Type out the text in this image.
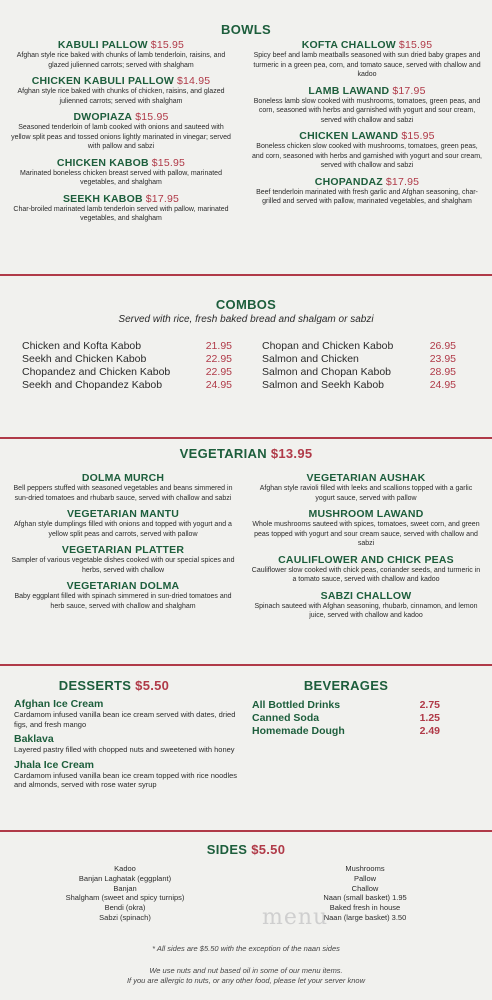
BOWLS
KABULI PALLOW $15.95
Afghan style rice baked with chunks of lamb tenderloin, raisins, and glazed julienned carrots; served with shalgham
CHICKEN KABULI PALLOW $14.95
Afghan style rice baked with chunks of chicken, raisins, and glazed julienned carrots; served with shalgham
DWOPIAZA $15.95
Seasoned tenderloin of lamb cooked with onions and sauteed with yellow split peas and tossed onions lightly marinated in vinegar; served with pallow and sabzi
CHICKEN KABOB $15.95
Marinated boneless chicken breast served with pallow, marinated vegetables, and shalgham
SEEKH KABOB $17.95
Char-broiled marinated lamb tenderloin served with pallow, marinated vegetables, and shalgham
KOFTA CHALLOW $15.95
Spicy beef and lamb meatballs seasoned with sun dried baby grapes and turmeric in a green pea, corn, and tomato sauce, served with challow and kadoo
LAMB LAWAND $17.95
Boneless lamb slow cooked with mushrooms, tomatoes, green peas, and corn, seasoned with herbs and garnished with yogurt and sour cream, served with challow and sabzi
CHICKEN LAWAND $15.95
Boneless chicken slow cooked with mushrooms, tomatoes, green peas, and corn, seasoned with herbs and garnished with yogurt and sour cream, served with challow and sabzi
CHOPANDAZ $17.95
Beef tenderloin marinated with fresh garlic and Afghan seasoning, char-grilled and served with pallow, marinated vegetables, and shalgham
COMBOS
Served with rice, fresh baked bread and shalgam or sabzi
Chicken and Kofta Kabob	21.95
Seekh and Chicken Kabob	22.95
Chopandez and Chicken Kabob	22.95
Seekh and Chopandez Kabob	24.95
Chopan and Chicken Kabob	26.95
Salmon and Chicken	23.95
Salmon and Chopan Kabob	28.95
Salmon and Seekh Kabob	24.95
VEGETARIAN $13.95
DOLMA MURCH
Bell peppers stuffed with seasoned vegetables and beans simmered in sun-dried tomatoes and rhubarb sauce, served with challow and sabzi
VEGETARIAN MANTU
Afghan style dumplings filled with onions and topped with yogurt and a yellow split peas and carrots, served with pallow
VEGETARIAN PLATTER
Sampler of various vegetable dishes cooked with our special spices and herbs, served with challow
VEGETARIAN DOLMA
Baby eggplant filled with spinach simmered in sun-dried tomatoes and herb sauce, served with challow and shalgham
VEGETARIAN AUSHAK
Afghan style ravioli filled with leeks and scallions topped with a garlic yogurt sauce, served with pallow
MUSHROOM LAWAND
Whole mushrooms sauteed with spices, tomatoes, sweet corn, and green peas topped with yogurt and sour cream sauce, served with challow and sabzi
CAULIFLOWER AND CHICK PEAS
Cauliflower slow cooked with chick peas, coriander seeds, and turmeric in a tomato sauce, served with challow and kadoo
SABZI CHALLOW
Spinach sauteed with Afghan seasoning, rhubarb, cinnamon, and lemon juice, served with challow and kadoo
DESSERTS $5.50
Afghan Ice Cream
Cardamom infused vanilla bean ice cream served with dates, dried figs, and fresh mango
Baklava
Layered pastry filled with chopped nuts and sweetened with honey
Jhala Ice Cream
Cardamom infused vanilla bean ice cream topped with rice noodles and almonds, served with rose water syrup
BEVERAGES
All Bottled Drinks	2.75
Canned Soda	1.25
Homemade Dough	2.49
SIDES $5.50
Kadoo
Banjan Laghatak (eggplant)
Banjan
Shalgham (sweet and spicy turnips)
Bendi (okra)
Sabzi (spinach)
Mushrooms
Pallow
Challow
Naan (small basket) 1.95
Baked fresh in house
Naan (large basket) 3.50
* All sides are $5.50 with the exception of the naan sides
We use nuts and nut based oil in some of our menu items.
If you are allergic to nuts, or any other food, please let your server know
menu
